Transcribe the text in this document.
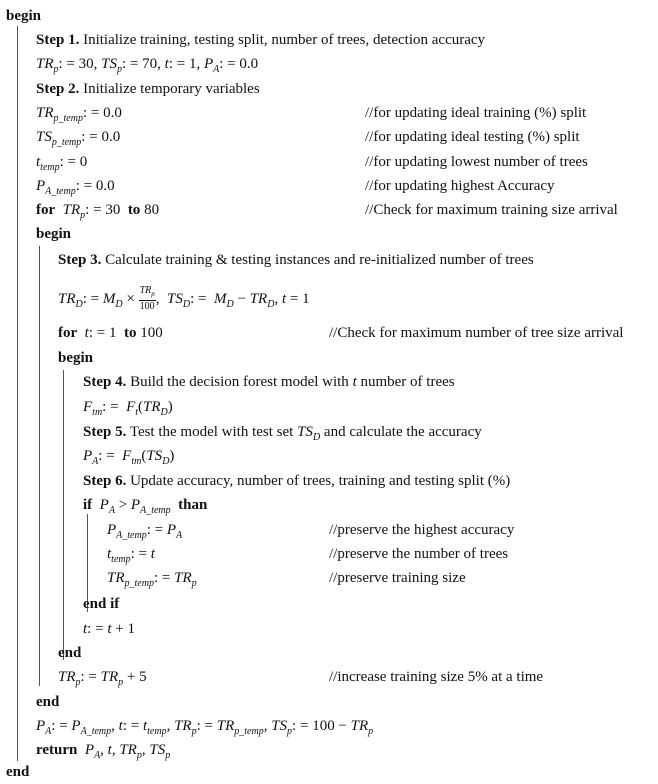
begin
Step 1. Initialize training, testing split, number of trees, detection accuracy
$TR_p$: = 30, $TS_p$: = 70, t: = 1, $P_A$: = 0.0
Step 2. Initialize temporary variables
$TR_{p\_temp}$: = 0.0	//for updating ideal training (%) split
$TS_{p\_temp}$: = 0.0	//for updating ideal testing (%) split
$t_{temp}$: = 0	//for updating lowest number of trees
$P_{A\_temp}$: = 0.0	//for updating highest Accuracy
for $TR_p$: = 30 to 80	//Check for maximum training size arrival
begin
Step 3. Calculate training & testing instances and re-initialized number of trees
$TR_D$: = $M_D \times \frac{TR_p}{100}$ ,  $TS_D$: =  $M_D - TR_D$, t = 1
for t: = 1 to 100	//Check for maximum number of tree size arrival
begin
Step 4. Build the decision forest model with t number of trees
$F_{tm}$: =  $F_t(TR_D)$
Step 5. Test the model with test set $TS_D$ and calculate the accuracy
$P_A$: =  $F_{tm}(TS_D)$
Step 6. Update accuracy, number of trees, training and testing split (%)
if $P_A > P_{A\_temp}$ than
$P_{A\_temp}$: = $P_A$	//preserve the highest accuracy
$t_{temp}$: = t	//preserve the number of trees
$TR_{p\_temp}$: = $TR_p$	//preserve training size
end if
t: = t + 1
end
$TR_p$: = $TR_p + 5$	//increase training size 5% at a time
end
$P_A$: = $P_{A\_temp}$, t: = $t_{temp}$, $TR_p$: = $TR_{p\_temp}$, $TS_p$: = $100 - TR_p$
return $P_A$, t, $TR_p$, $TS_p$
end
